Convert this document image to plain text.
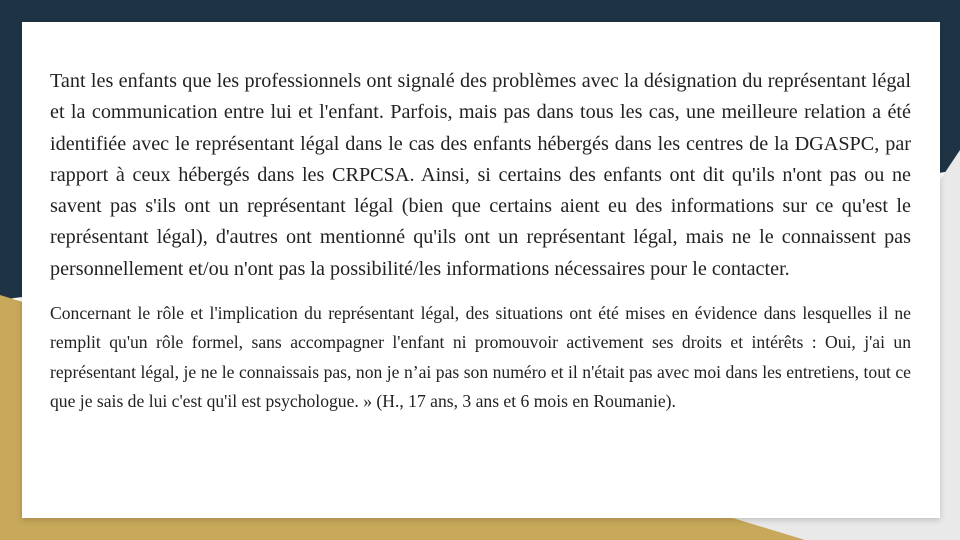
Tant les enfants que les professionnels ont signalé des problèmes avec la désignation du représentant légal et la communication entre lui et l'enfant. Parfois, mais pas dans tous les cas, une meilleure relation a été identifiée avec le représentant légal dans le cas des enfants hébergés dans les centres de la DGASPC, par rapport à ceux hébergés dans les CRPCSA. Ainsi, si certains des enfants ont dit qu'ils n'ont pas ou ne savent pas s'ils ont un représentant légal (bien que certains aient eu des informations sur ce qu'est le représentant légal), d'autres ont mentionné qu'ils ont un représentant légal, mais ne le connaissent pas personnellement et/ou n'ont pas la possibilité/les informations nécessaires pour le contacter.

Concernant le rôle et l'implication du représentant légal, des situations ont été mises en évidence dans lesquelles il ne remplit qu'un rôle formel, sans accompagner l'enfant ni promouvoir activement ses droits et intérêts : Oui, j'ai un représentant légal, je ne le connaissais pas, non je n’ai pas son numéro et il n'était pas avec moi dans les entretiens, tout ce que je sais de lui c'est qu'il est psychologue. » (H., 17 ans, 3 ans et 6 mois en Roumanie).
